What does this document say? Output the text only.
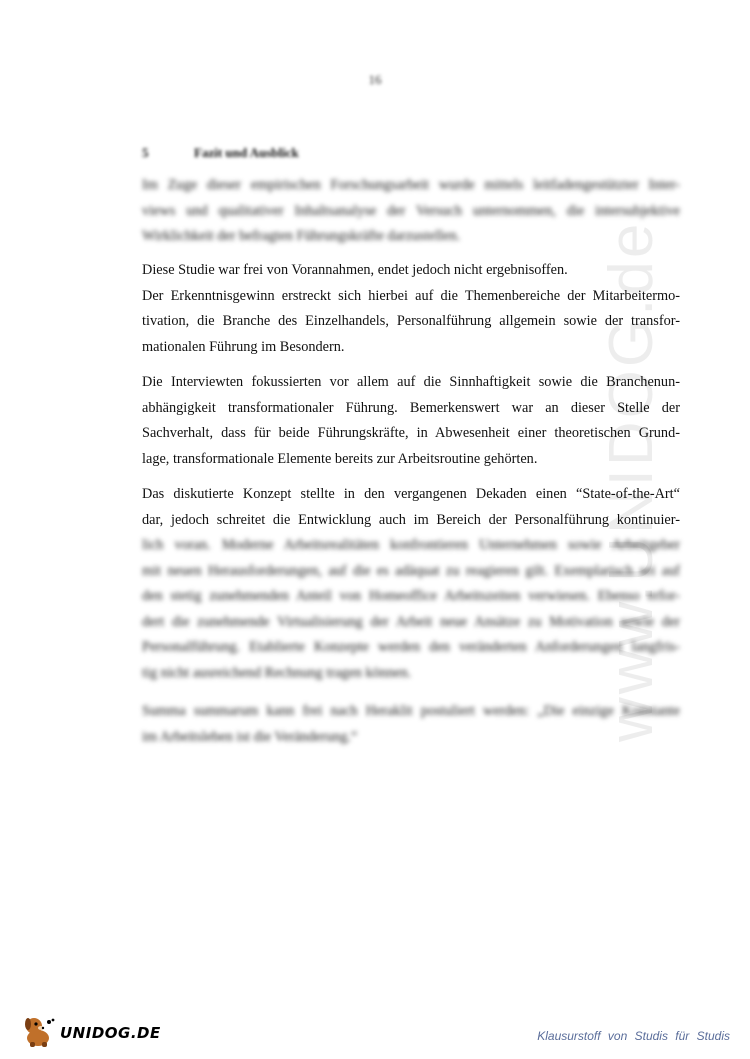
16
5	Fazit und Ausblick
Im Zuge dieser empirischen Forschungsarbeit wurde mittels leitfadengestützter Inter-
views und qualitativer Inhaltsanalyse der Versuch unternommen, die intersubjektive
Wirklichkeit der befragten Führungskräfte darzustellen.
Diese Studie war frei von Vorannahmen, endet jedoch nicht ergebnisoffen.
Der Erkenntnisgewinn erstreckt sich hierbei auf die Themenbereiche der Mitarbeitermo-
tivation, die Branche des Einzelhandels, Personalführung allgemein sowie der transfor-
mationalen Führung im Besondern.
Die Interviewten fokussierten vor allem auf die Sinnhaftigkeit sowie die Branchenun-
abhängigkeit transformationaler Führung. Bemerkenswert war an dieser Stelle der
Sachverhalt, dass für beide Führungskräfte, in Abwesenheit einer theoretischen Grund-
lage, transformationale Elemente bereits zur Arbeitsroutine gehörten.
Das diskutierte Konzept stellte in den vergangenen Dekaden einen “State-of-the-Art“
dar, jedoch schreitet die Entwicklung auch im Bereich der Personalführung kontinuier-
lich voran. Moderne Arbeitsrealitäten konfrontieren Unternehmen sowie Arbeitgeber
mit neuen Herausforderungen, auf die es adäquat zu reagieren gilt. Exemplarisch sei auf
den stetig zunehmenden Anteil von Homeoffice Arbeitszeiten verwiesen. Ebenso erfor-
dert die zunehmende Virtualisierung der Arbeit neue Ansätze zu Motivation sowie der
Personalführung. Etablierte Konzepte werden den veränderten Anforderungen langfris-
tig nicht ausreichend Rechnung tragen können.
Summa summarum kann frei nach Heraklit postuliert werden: „Die einzige Konstante
im Arbeitsleben ist die Veränderung.“	www.UNIDOG.de
UNIDOG.DE	Klausurstoff von Studis für Studis
